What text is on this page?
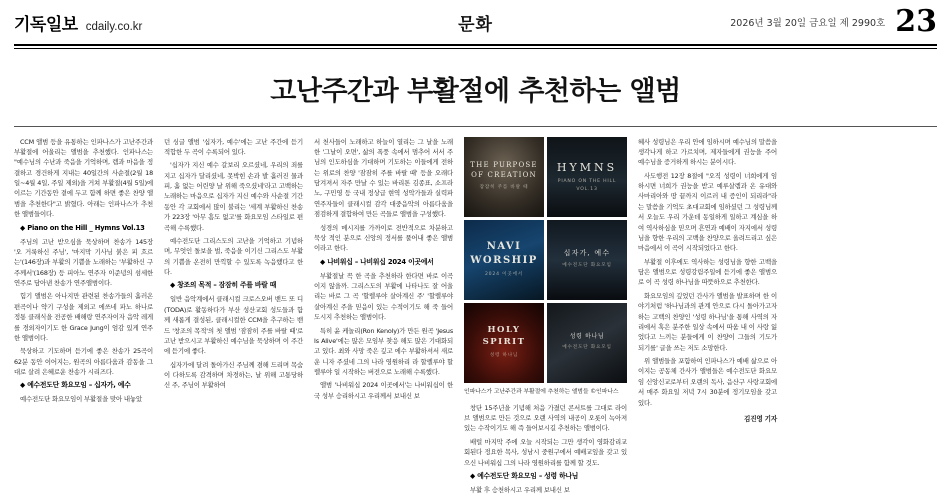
기독일보 cdaily.co.kr	문화	2026년 3월 20일 금요일 제 2990호 23
고난주간과 부활절에 추천하는 앨범

CCM 앨범 등을 유통하는 인파나스가 고난주간과 부활절에 어울리는 앨범을 추천했다. 인파나스는 "예수님의 수난과 죽음을 기억하며, 렘과 마음을 정결하고 경건하게 지내는 40일간의 사순절(2월 18일~4월 4일, 주일 제외)을 거쳐 부활절(4월 5일)에 이르는 기간동안 곁에 두고 함께 하면 좋은 찬양 앨범을 추천한다"고 밝혔다. 아래는 인파나스가 추천한 앨범들이다.

◆ Piano on the Hill _ Hymns Vol.13

주님의 고난 받으심을 묵상하며 찬송가 145장 '오 거룩하신 주님', '마지막 기사님 붉은 피 흐르는'(146장)과 부활의 기쁨을 노래하는 '부활하신 구주께서'(168장) 등 피아노 연주자 이준녕의 섬세한 연주로 담아낸 찬송가 연주앨범이다.

힘기 앨범은 아나지만 관련된 찬송가들의 흘러온 편곡이나 약기 구성을 제외고 에쓰네 파노 하나로 정통 클래식을 전공한 배해랑 연주자이자 음악 레게를 경외자이기도 한 Grace Jung이 엄감 있게 연주한 앨범이다.

묵상하고 기도하며 듣기에 좋은 찬송가 25곡이 62분 동안 이어지는, 원곡의 아름다움과 감동을 그대로 살려 은혜로운 찬송가 시리즈다.

◆ 예수전도단 화요모임 – 십자가, 예수

예수전도단 화요모임이 부활절을 맞아 내놓았

던 싱글 앨범 '십자가, 예수'에는 고난 주간에 듣기 적합한 두 곡이 수록되어 있다.

'십자가 지신 예수 갈보리 오르셨네, 우리의 죄를 지고 십자가 달리셨네, 못박힌 손과 발 흘러진 물과 피, 흘 없는 어린양 날 위해 죽으셨네'라고 고백하는 노래하는 마음으로 십자가 지신 예수와 사순절 기간동안 각 교회에서 많이 불리는 '세계 부활하신 찬송가 223장 '아무 흠도 없고'를 화요모임 스타일로 편곡해 수록했다.

예수전도단 그리스도의 고난을 기억하고 기념하며, 무엇인 돌보을 벌, 죽음을 이기신 그리스도 부활의 기쁨을 온전히 만끽할 수 있도록 녹음했다고 한다.

◆ 창조의 목적 – 잠잠히 주를 바랄 때

일반 음악계에서 클래시컬 크로스오버 밴드 또 디(TODA)로 활동하다가 부산 성산교회 성도들과 함께 새롭게 결성된, 클래시컬한 CCM을 추구하는 밴드 '창조의 목적'의 첫 앨범 '잠잠히 주를 바랄 때'로 고난 받으시고 부활하신 예수님을 묵상하며 이 주간에 듣기에 좋다.

십자가에 달려 돌아가신 주님께 겸해 드리며 목숨이 다하도록 감격하며 차경하는, 날 위해 고통당하신 주, 주님이 부활하여

서 천사들이 노래하고 하늘이 열리는 그 날을 노래한 '그날이 오면', 삶의 폭풍 속에서 멈추어 서서 주님의 인도하심을 기대하며 기도하는 이들에게 전하는 위로의 찬양 '잠잠히 주를 바랄 때' 등을 오래다 담겨져서 자주 만날 수 있는 바리톤 김종표, 소프라노, 구민영 등 국내 정상급 현역 성악가들과 실력파 연주자들이 클래시컬 감각 대중음악의 아름다움을 점검하게 결합하여 만든 곡들로 앨범을 구성했다.

성경의 메시지를 가까이로 전반적으로 차분하고 묵상 적인 분으로 신앙의 정서를 풀어내 좋은 앨범이라고 한다.

◆ 나비워십 – 나비워십 2024 이곳에서

부활절날 꼭 한 곡을 추천하라 한다면 바로 이곡이지 않을까. 그리스도의 부활에 나타나도 잘 어울리는 바로 그 곡 '할렐루야 살아계신 주' '할렐루야 살아계신 주을 믿음이 있는 수적이기도 해 죽 들어도시지 추천하는 앨범이다.

특히 윤 케놀리(Ron Kenoly)가 만든 원곡 'Jesus Is Alive'에는 많은 모임부 찾응 해도 많은 기대화되고 있다. 최와 사망 죽은 깊고 에수 부활하셔서 새로운 니자 주셨네 그의 나라 영원하리 라 할렐루야 할렐루야 일 시작하는 버전으로 노래해 수록했다.

앨범 '나비워십 2024 이곳에서'는 나비워십이 한국 성부 승리하시고 우리께서 보내신 보

THE PURPOSE OF CREATION
잠잠히 주를 바랄 때
HYMNS
PIANO ON THE HILL VOL.13
NAVI WORSHIP
2024 이곳에서
십자가, 예수
예수전도단 화요모임
HOLY SPIRIT
성령 하나님
성령 하나님
예수전도단 화요모임
인파나스가 고난주간과 부활절에 추천하는 앨범들 ©인파나스

창단 15주년을 기념해 처음 가졌던 콘서트를 그대로 라이브 앨범으로 만든 것으로 오랜 사역의 내공이 오롯이 녹아져 있는 수작이기도 해 즉 들어보시길 추천하는 앨범이다.

배럴 마지막 주에 오늘 시작되는 그만 생각이 영화감리교회된다 정요한 목사, 성남시 중원구에서 예배교잎을 갖고 있으신 나비워십 그의 나라 영원하리를 함께 할 것도.

◆ 예수전도단 화요모임 – 성령 하나님

부활 후 승천하시고 우리께 보내신 보

혜사 성령님은 우리 안에 임하시며 예수님의 말씀을 생각나게 하고 가르치며, 제자들에게 권능을 주어 예수님을 증거하게 하시는 분이시다.

사도행전 12장 8절에 "오직 성령이 너희에게 임하시면 너희가 권능을 받고 예루살렘과 온 유대와 사마리아와 땅 끝까지 이르러 내 증인이 되리라"라는 말씀을 기억도 초대교회에 임하셨던 그 성령님께서 오늘도 우리 가운데 동일하게 일하고 계심을 하여 역사하심을 믿으며 흔연과 예배이 자지에서 성령님을 향한 우리의 고백을 찬양으로 올려드리고 싶은 마음에서 이 곡이 시작되었다고 한다.

부활절 이후에도 역사하는 성령님을 향한 고백을 담은 앨범으로 성령강림주일에 듣기에 좋은 앨범으로 이 곡 성령 하나님을 따뜻하으로 추천한다.

화요모임의 깊었던 간사가 앨범을 발표하며 한 이야기처럼 '하나님과의 관계 안으로 다시 돌아가고자 하는 고백의 찬양인 '성령 하나님'을 통해 사역의 자리에서 혹은 분주한 일상 속에서 따움 내 이 사랑 잃었다고 느끼는 분들에게 이 찬양이 그들의 기도가 되기를' 글을 쓰는 저도 소망한다.

위 앨범들을 포함하여 인파나스가 예배 삶으로 아이지는 공동체 간사가 앨범들은 예수전도단 화요모임 신앙신교로부터 오랜의 독사, 음산구 사랑교회에서 매주 화요일 저녁 7시 30분에 정기모임을 갖고 있다.

김진영 기자
